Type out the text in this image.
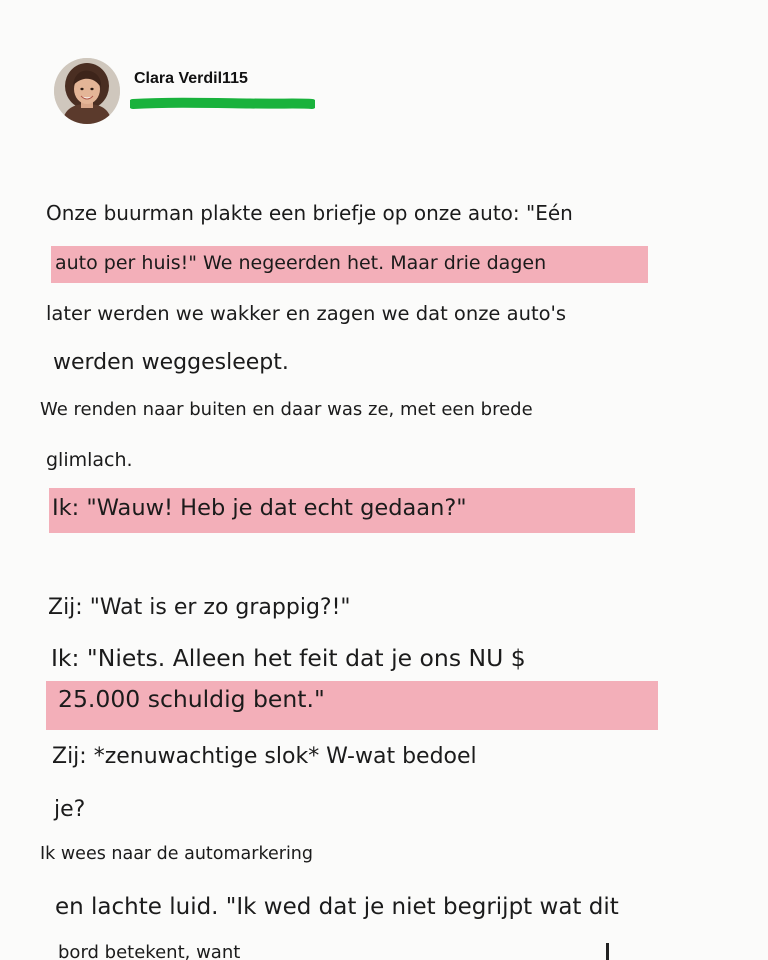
Clara Verdil115
Onze buurman plakte een briefje op onze auto: "Eén
auto per huis!" We negeerden het. Maar drie dagen
later werden we wakker en zagen we dat onze auto's
werden weggesleept.
We renden naar buiten en daar was ze, met een brede
glimlach.
Ik: "Wauw! Heb je dat echt gedaan?"
Zij: "Wat is er zo grappig?!"
Ik: "Niets. Alleen het feit dat je ons NU $
25.000 schuldig bent."
Zij: *zenuwachtige slok* W-wat bedoel
je?
Ik wees naar de automarkering
en lachte luid. "Ik wed dat je niet begrijpt wat dit
bord betekent, want
